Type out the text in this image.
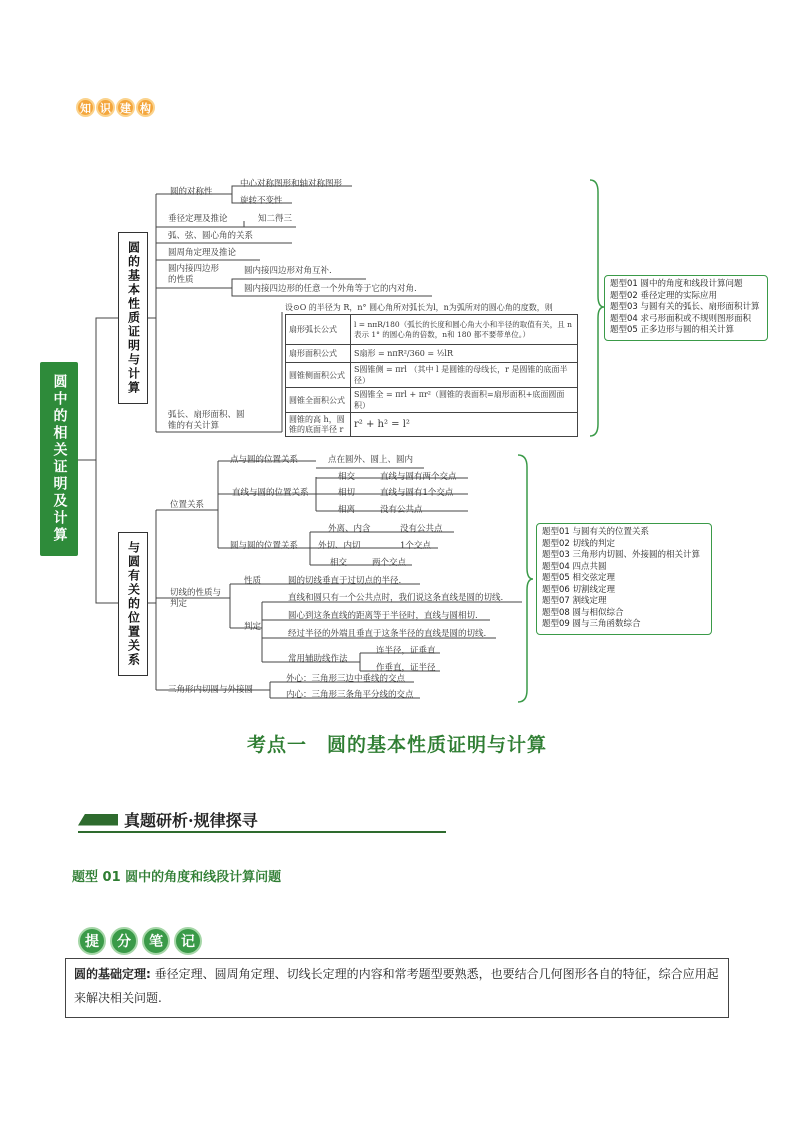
知 识 建 构
圆中的相关证明及计算
圆的基本性质证明与计算
圆的对称性
中心对称图形和轴对称图形
旋转不变性
垂径定理及推论	知二得三
弧、弦、圆心角的关系
圆周角定理及推论
圆内接四边形的性质
圆内接四边形对角互补.
圆内接四边形的任意一个外角等于它的内对角.
弧长、扇形面积、圆锥的有关计算
设⊙O 的半径为 R，n° 圆心角所对弧长为l，n为弧所对的圆心角的度数，则
扇形弧长公式	l = nπR/180（弧长的长度和圆心角大小和半径的取值有关，且 n 表示 1° 的圆心角的倍数，n和 180 都不要带单位。）
扇形面积公式	S扇形 = nπR²/360 = ½lR
圆锥侧面积公式	S圆锥侧 = πrl （其中 l 是圆锥的母线长，r 是圆锥的底面半径）
圆锥全面积公式	S圆锥全 = πrl + πr²（圆锥的表面积=扇形面积+底面圆面积）
圆锥的高 h，圆锥的底面半径 r	r² + h² = l²
题型01 圆中的角度和线段计算问题
题型02 垂径定理的实际应用
题型03 与圆有关的弧长、扇形面积计算
题型04 求弓形面积或不规则图形面积
题型05 正多边形与圆的相关计算
与圆有关的位置关系
位置关系
点与圆的位置关系	点在圆外、圆上、圆内
直线与圆的位置关系
相交	直线与圆有两个交点
相切	直线与圆有1个交点
相离	没有公共点
圆与圆的位置关系
外离、内含	没有公共点
外切、内切	1个交点
相交	两个交点
切线的性质与判定
性质	圆的切线垂直于过切点的半径.
判定
直线和圆只有一个公共点时，我们说这条直线是圆的切线.
圆心到这条直线的距离等于半径时，直线与圆相切.
经过半径的外端且垂直于这条半径的直线是圆的切线.
常用辅助线作法
连半径，证垂直
作垂直，证半径
三角形内切圆与外接圆
外心：三角形三边中垂线的交点
内心：三角形三条角平分线的交点
题型01 与圆有关的位置关系
题型02 切线的判定
题型03 三角形内切圆、外接圆的相关计算
题型04 四点共圆
题型05 相交弦定理
题型06 切割线定理
题型07 割线定理
题型08 圆与相似综合
题型09 圆与三角函数综合
考点一　圆的基本性质证明与计算
真题研析·规律探寻
题型 01 圆中的角度和线段计算问题
提	分	笔	记
圆的基础定理: 垂径定理、圆周角定理、切线长定理的内容和常考题型要熟悉，也要结合几何图形各自的特征，综合应用起来解决相关问题.
